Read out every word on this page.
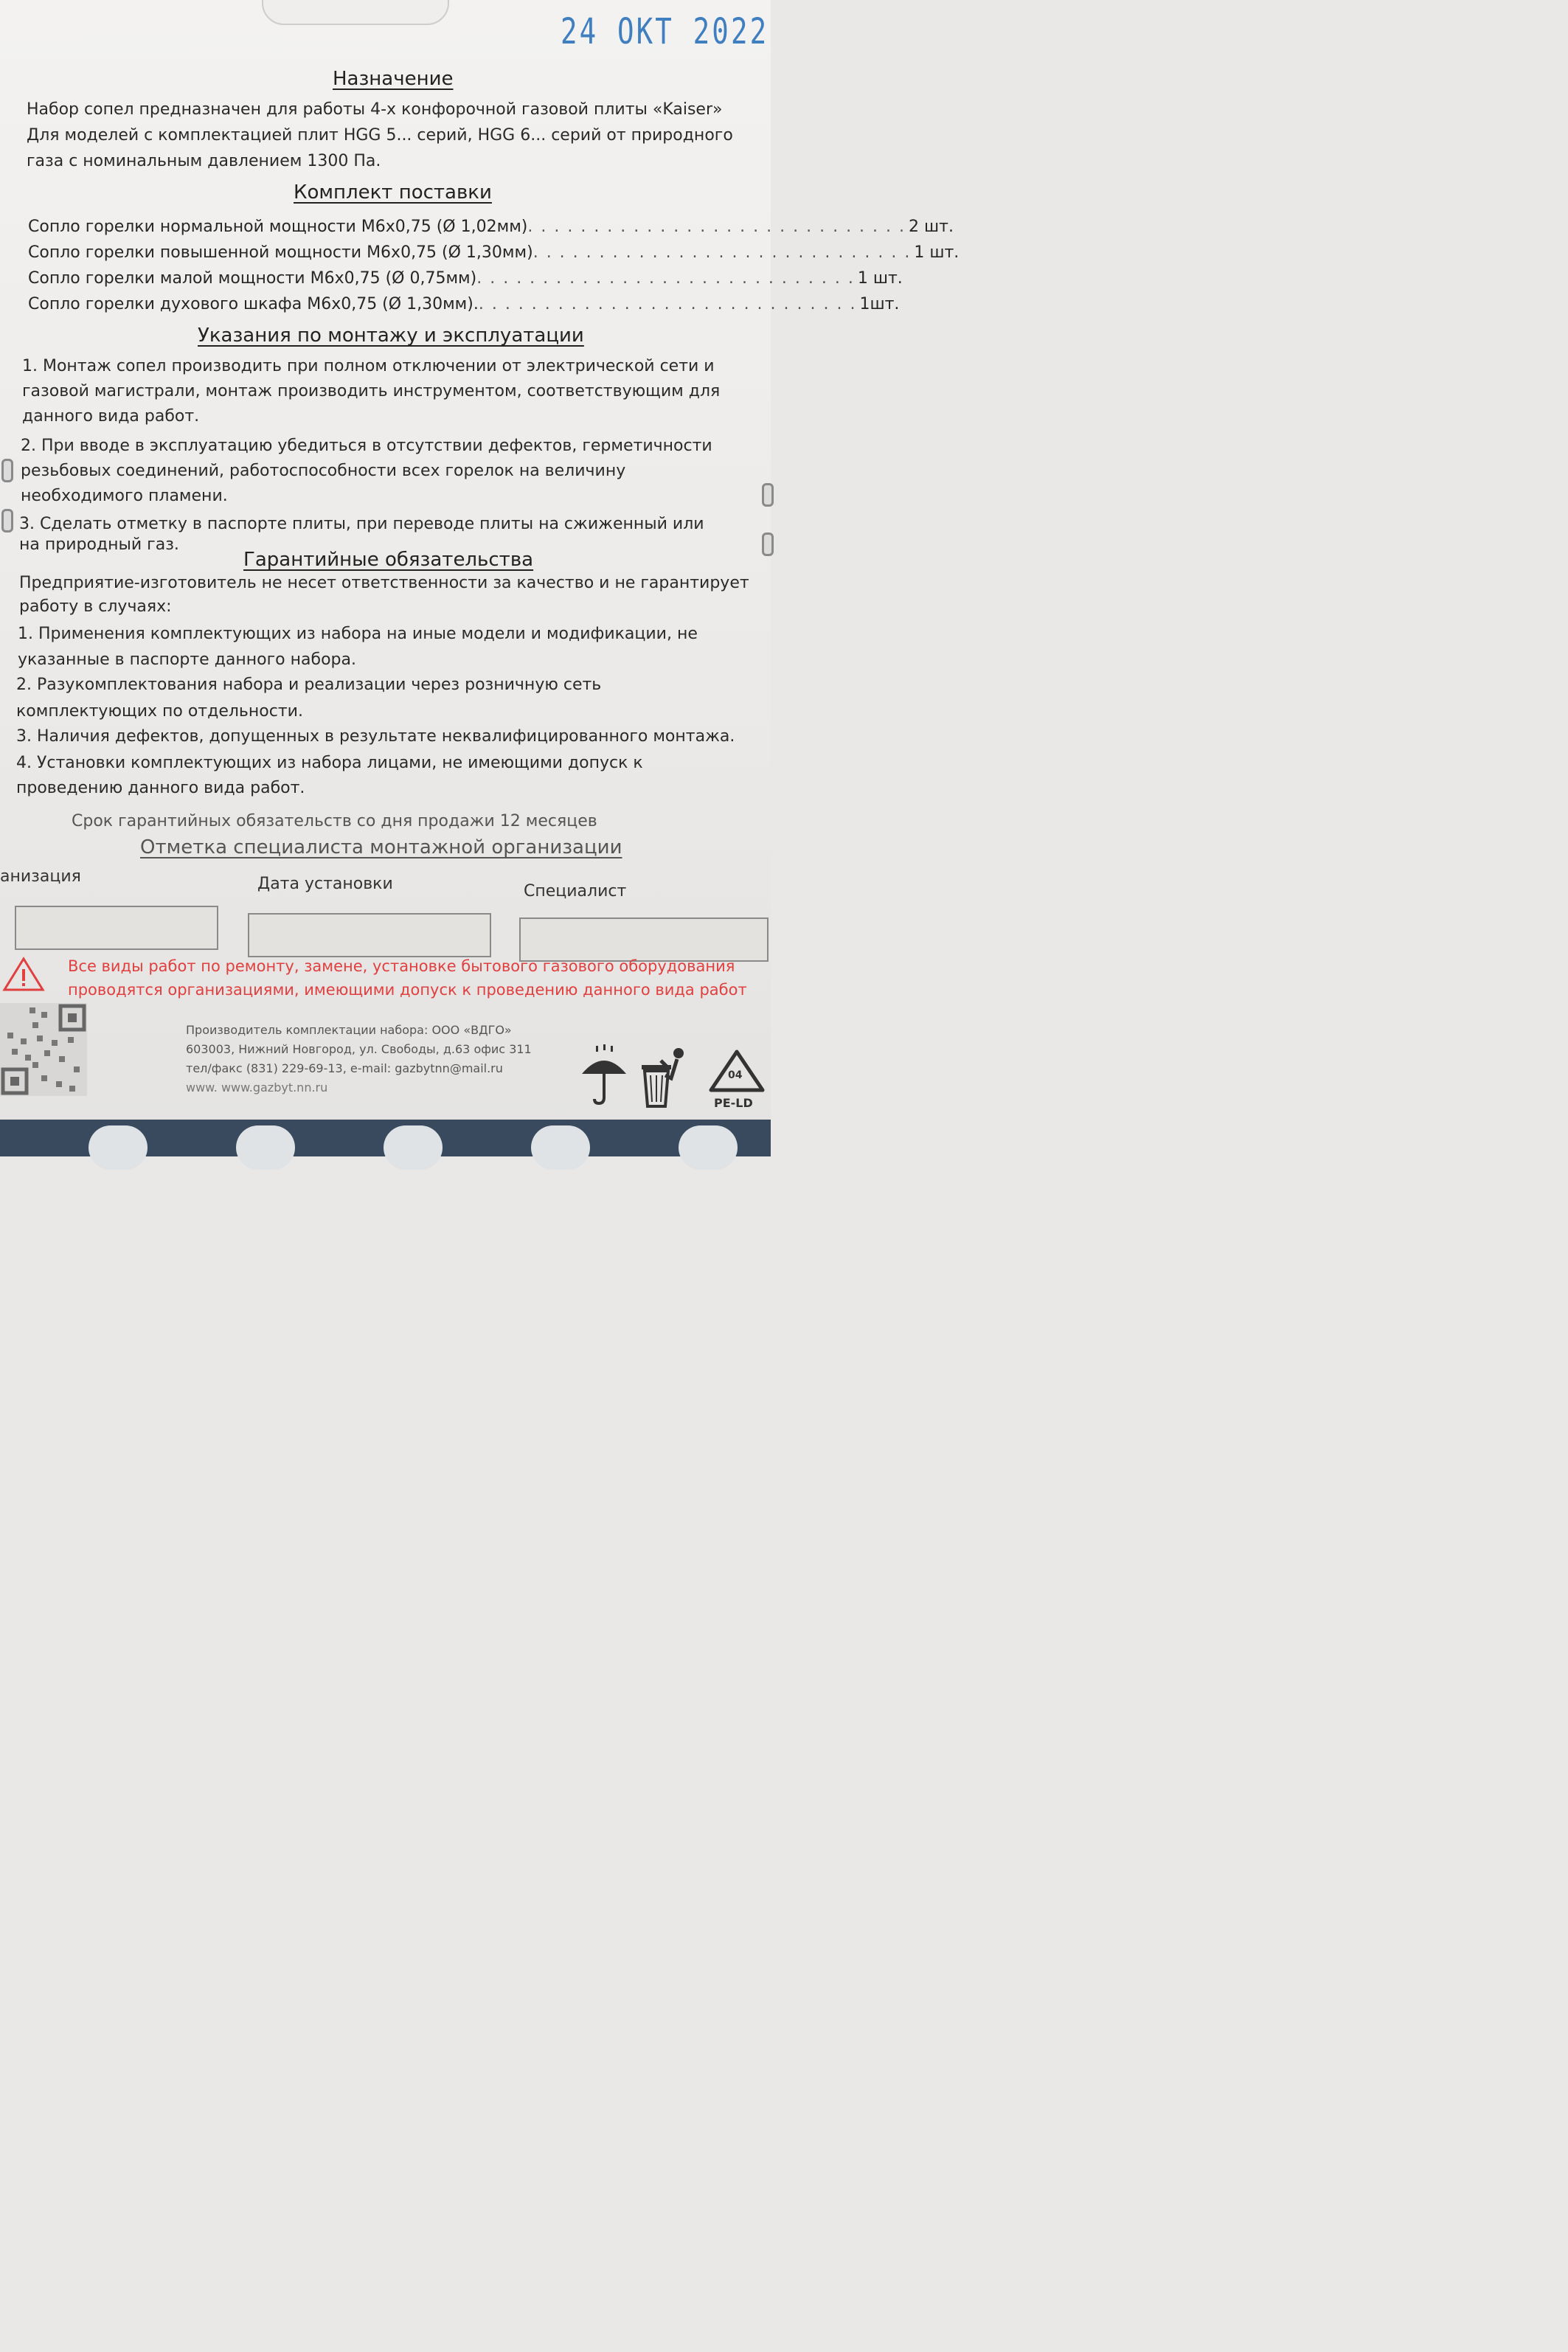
24 ОКТ 2022
Назначение
Набор сопел предназначен для работы 4-х конфорочной газовой плиты «Kaiser»
Для моделей с комплектацией плит HGG 5... серий, HGG 6... серий от природного
газа с номинальным давлением 1300 Па.
Комплект поставки
Сопло горелки нормальной мощности М6х0,75 (Ø 1,02мм) . . . . . . . . . . . . . . . . . . . . . . . . . . . . . 2 шт.
Сопло горелки повышенной мощности М6х0,75 (Ø 1,30мм) . . . . . . . . . . . . . . . . . . . . . . . . . . . . . 1 шт.
Сопло горелки малой мощности М6х0,75 (Ø 0,75мм) . . . . . . . . . . . . . . . . . . . . . . . . . . . . . 1 шт.
Сопло горелки духового шкафа М6х0,75 (Ø 1,30мм). . . . . . . . . . . . . . . . . . . . . . . . . . . . . . 1шт.
Указания по монтажу и эксплуатации
1. Монтаж сопел производить при полном отключении от электрической сети и
газовой магистрали, монтаж производить инструментом, соответствующим для
данного вида работ.
2. При вводе в эксплуатацию убедиться в отсутствии дефектов, герметичности
резьбовых соединений, работоспособности всех горелок на величину
необходимого пламени.
3. Сделать отметку в паспорте плиты, при переводе плиты на сжиженный или
на природный газ.
Гарантийные обязательства
Предприятие-изготовитель не несет ответственности за качество и не гарантирует
работу в случаях:
1. Применения комплектующих из набора на иные модели и модификации, не
указанные в паспорте данного набора.
2. Разукомплектования набора и реализации через розничную сеть
комплектующих по отдельности.
3. Наличия дефектов, допущенных в результате неквалифицированного монтажа.
4. Установки комплектующих из набора лицами, не имеющими допуск к
проведению данного вида работ.
Срок гарантийных обязательств со дня продажи 12 месяцев
Отметка специалиста монтажной организации
анизация	Дата установки	Специалист
Все виды работ по ремонту, замене, установке бытового газового оборудования
проводятся организациями, имеющими допуск к проведению данного вида работ
Производитель комплектации набора: ООО «ВДГО»
603003, Нижний Новгород, ул. Свободы, д.63 офис 311
тел/факс (831) 229-69-13, e-mail: gazbytnn@mail.ru
www. www.gazbyt.nn.ru
04
PE-LD
